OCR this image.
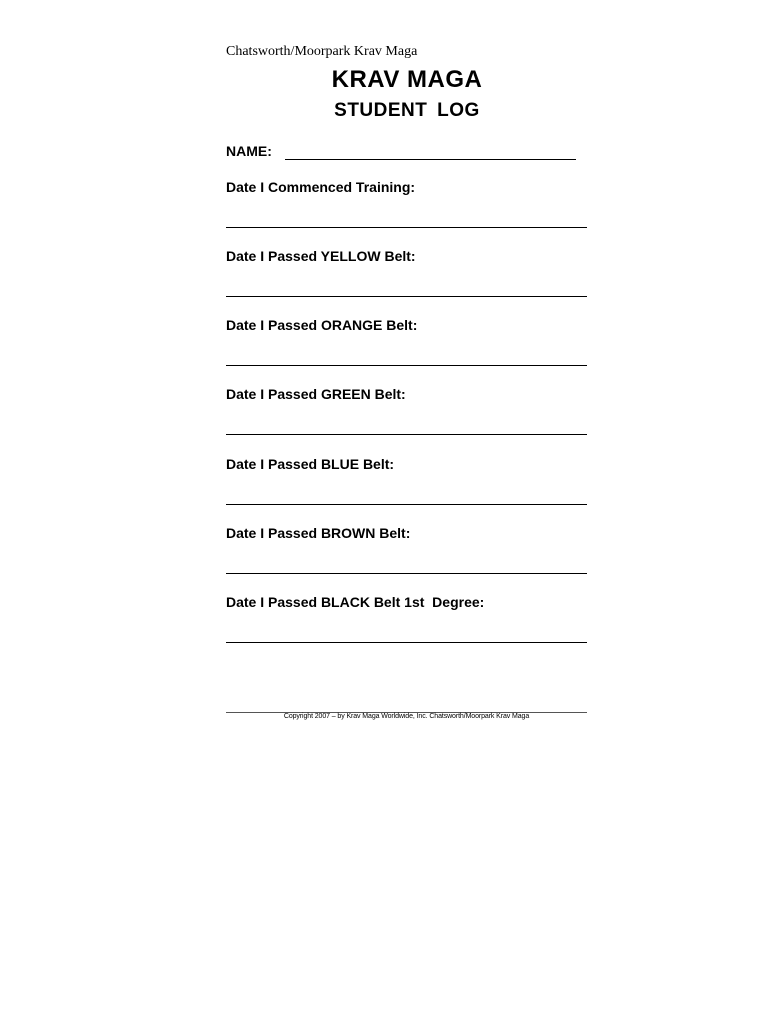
Chatsworth/Moorpark Krav Maga
KRAV MAGA
STUDENT LOG
NAME:
Date I Commenced Training:
Date I Passed YELLOW Belt:
Date I Passed ORANGE Belt:
Date I Passed GREEN Belt:
Date I Passed BLUE Belt:
Date I Passed BROWN Belt:
Date I Passed BLACK Belt 1st  Degree:
Copyright 2007 – by Krav Maga Worldwide, Inc. Chatsworth/Moorpark Krav Maga
